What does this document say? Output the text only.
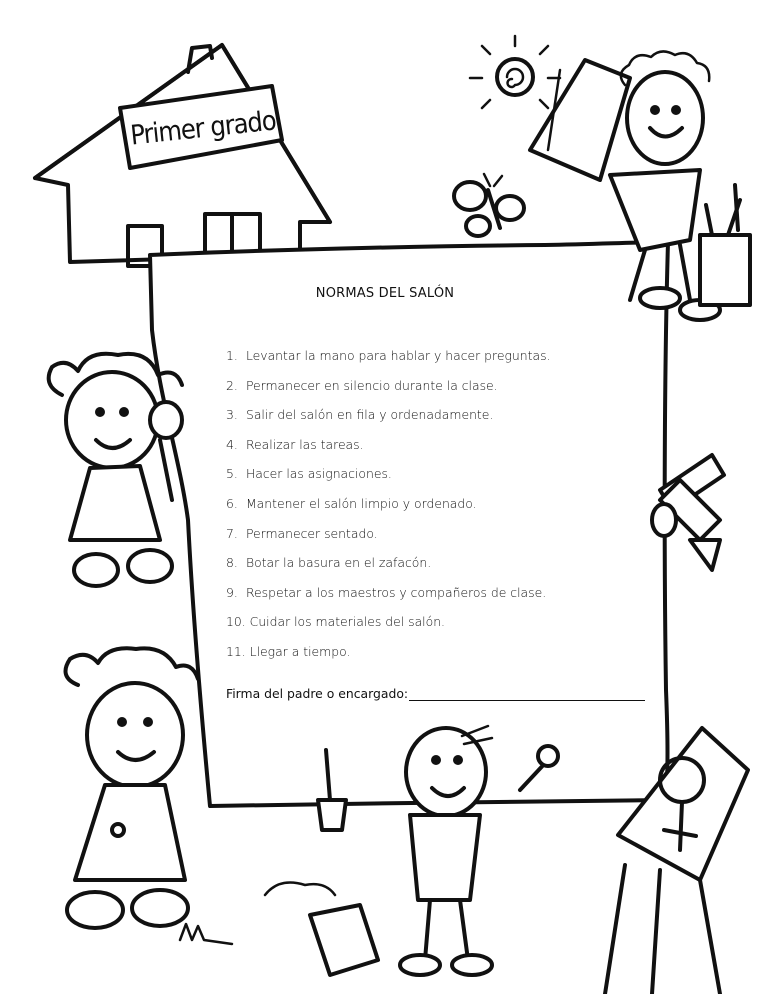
Primer grado
NORMAS DEL SALÓN
1. Levantar la mano para hablar y hacer preguntas.
2. Permanecer en silencio durante la clase.
3. Salir del salón en fila y ordenadamente.
4. Realizar las tareas.
5. Hacer las asignaciones.
6. Mantener el salón limpio y ordenado.
7. Permanecer sentado.
8. Botar la basura en el zafacón.
9. Respetar a los maestros y compañeros de clase.
10. Cuidar los materiales del salón.
11. Llegar a tiempo.
Firma del padre o encargado:
